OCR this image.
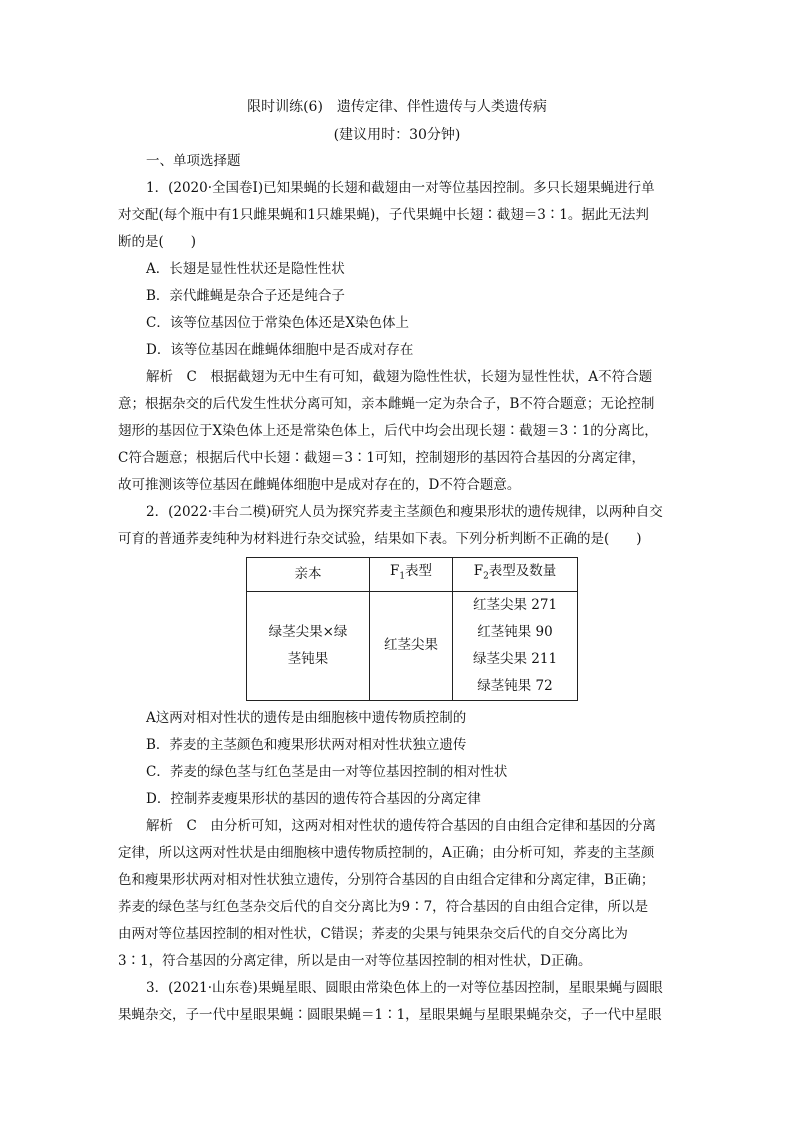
限时训练(6)　遗传定律、伴性遗传与人类遗传病
(建议用时：30分钟)
一、单项选择题
1．(2020·全国卷Ⅰ)已知果蝇的长翅和截翅由一对等位基因控制。多只长翅果蝇进行单
对交配(每个瓶中有1只雌果蝇和1只雄果蝇)，子代果蝇中长翅∶截翅＝3∶1。据此无法判
断的是(　　)
A．长翅是显性性状还是隐性性状
B．亲代雌蝇是杂合子还是纯合子
C．该等位基因位于常染色体还是X染色体上
D．该等位基因在雌蝇体细胞中是否成对存在
解析　C　根据截翅为无中生有可知，截翅为隐性性状，长翅为显性性状，A不符合题
意；根据杂交的后代发生性状分离可知，亲本雌蝇一定为杂合子，B不符合题意；无论控制
翅形的基因位于X染色体上还是常染色体上，后代中均会出现长翅∶截翅＝3∶1的分离比，
C符合题意；根据后代中长翅∶截翅＝3∶1可知，控制翅形的基因符合基因的分离定律，
故可推测该等位基因在雌蝇体细胞中是成对存在的，D不符合题意。
2．(2022·丰台二模)研究人员为探究荞麦主茎颜色和瘦果形状的遗传规律，以两种自交
可育的普通荞麦纯种为材料进行杂交试验，结果如下表。下列分析判断不正确的是(　　)
亲本	$F_1$表型	$F_2$表型及数量

绿茎尖果×绿
茎钝果	红茎尖果	红茎尖果 271
红茎钝果 90
绿茎尖果 211
绿茎钝果 72
A这两对相对性状的遗传是由细胞核中遗传物质控制的
B．荞麦的主茎颜色和瘦果形状两对相对性状独立遗传
C．荞麦的绿色茎与红色茎是由一对等位基因控制的相对性状
D．控制荞麦瘦果形状的基因的遗传符合基因的分离定律
解析　C　由分析可知，这两对相对性状的遗传符合基因的自由组合定律和基因的分离
定律，所以这两对性状是由细胞核中遗传物质控制的，A正确；由分析可知，荞麦的主茎颜
色和瘦果形状两对相对性状独立遗传，分别符合基因的自由组合定律和分离定律，B正确；
荞麦的绿色茎与红色茎杂交后代的自交分离比为9∶7，符合基因的自由组合定律，所以是
由两对等位基因控制的相对性状，C错误；荞麦的尖果与钝果杂交后代的自交分离比为
3∶1，符合基因的分离定律，所以是由一对等位基因控制的相对性状，D正确。
3．(2021·山东卷)果蝇星眼、圆眼由常染色体上的一对等位基因控制，星眼果蝇与圆眼
果蝇杂交，子一代中星眼果蝇∶圆眼果蝇＝1∶1，星眼果蝇与星眼果蝇杂交，子一代中星眼
